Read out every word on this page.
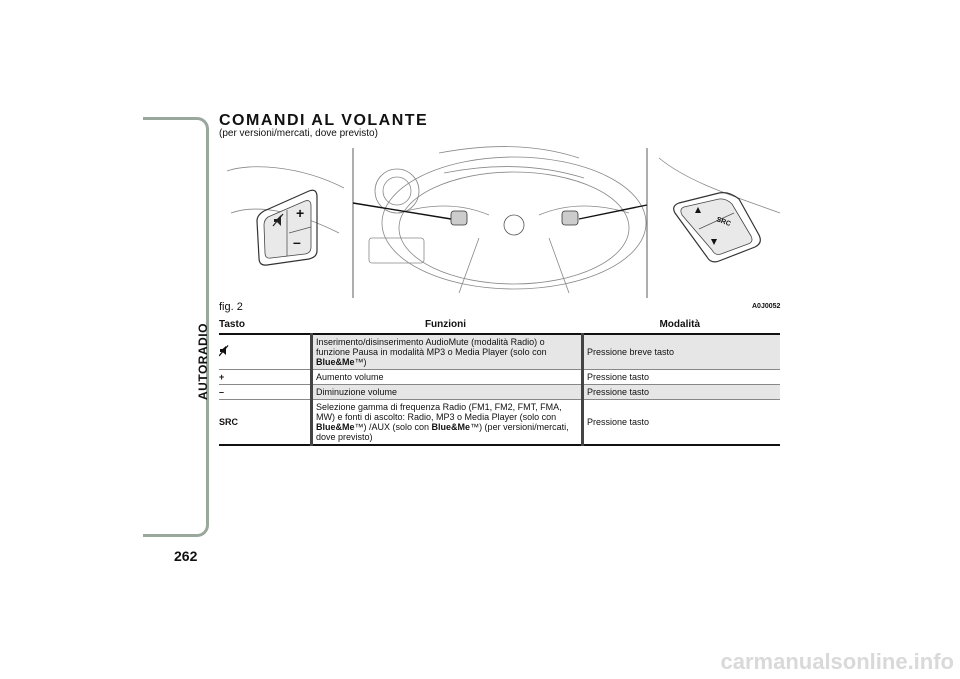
AUTORADIO
262
COMANDI AL VOLANTE
(per versioni/mercati, dove previsto)
+
–
SRC
fig. 2	A0J0052
Tasto	Funzioni	Modalità
	Inserimento/disinserimento AudioMute (modalità Radio) o funzione Pausa in modalità MP3 o Media Player (solo con Blue&Me™)	Pressione breve tasto
+	Aumento volume	Pressione tasto
–	Diminuzione volume	Pressione tasto
SRC	Selezione gamma di frequenza Radio (FM1, FM2, FMT, FMA, MW) e fonti di ascolto: Radio, MP3 o Media Player (solo con Blue&Me™) /AUX (solo con Blue&Me™) (per versioni/mercati, dove previsto)	Pressione tasto
carmanualsonline.info
